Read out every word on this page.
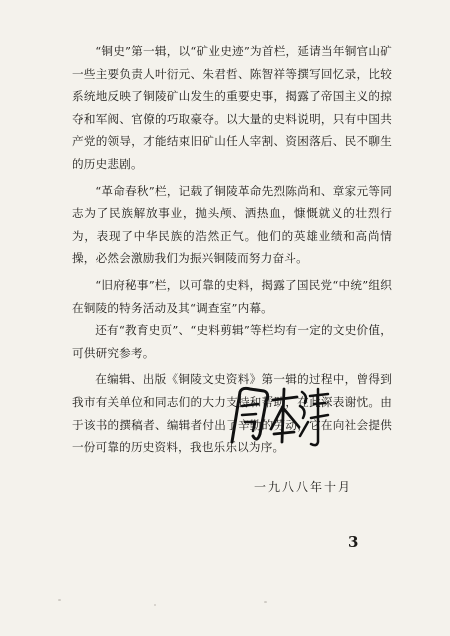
“铜史”第一辑，以“矿业史迹”为首栏，延请当年铜官山矿一些主要负责人叶衍元、朱君哲、陈智祥等撰写回忆录，比较系统地反映了铜陵矿山发生的重要史事，揭露了帝国主义的掠夺和军阀、官僚的巧取豪夺。以大量的史料说明，只有中国共产党的领导，才能结束旧矿山任人宰割、资困落后、民不聊生的历史悲剧。

“革命春秋”栏，记载了铜陵革命先烈陈尚和、章家元等同志为了民族解放事业，抛头颅、洒热血，慷慨就义的壮烈行为，表现了中华民族的浩然正气。他们的英雄业绩和高尚情操，必然会激励我们为振兴铜陵而努力奋斗。

“旧府秘事”栏，以可靠的史料，揭露了国民党“中统”组织在铜陵的特务活动及其“调查室”内幕。

还有“教育史页”、“史料剪辑”等栏均有一定的文史价值，可供研究参考。

在编辑、出版《铜陵文史资料》第一辑的过程中，曾得到我市有关单位和同志们的大力支持和帮助，在此深表谢忱。由于该书的撰稿者、编辑者付出了辛勤的劳动，它在向社会提供一份可靠的历史资料，我也乐乐以为序。

一九八八年十月
3
